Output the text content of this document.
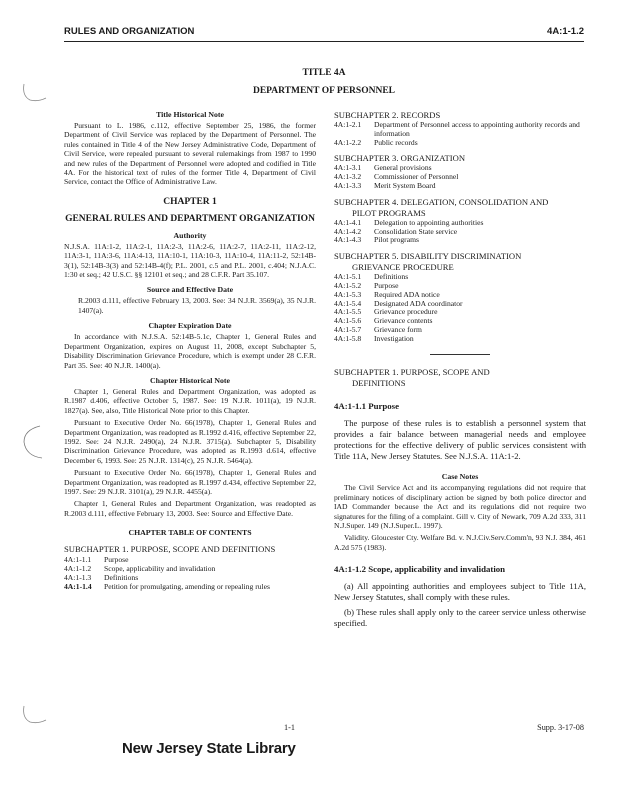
RULES AND ORGANIZATION	4A:1-1.2
TITLE 4A
DEPARTMENT OF PERSONNEL
Title Historical Note

Pursuant to L. 1986, c.112, effective September 25, 1986, the former Department of Civil Service was replaced by the Department of Personnel. The rules contained in Title 4 of the New Jersey Administrative Code, Department of Civil Service, were repealed pursuant to several rulemakings from 1987 to 1990 and new rules of the Department of Personnel were adopted and codified in Title 4A. For the historical text of rules of the former Title 4, Department of Civil Service, contact the Office of Administrative Law.

CHAPTER 1
GENERAL RULES AND DEPARTMENT ORGANIZATION
Authority

N.J.S.A. 11A:1-2, 11A:2-1, 11A:2-3, 11A:2-6, 11A:2-7, 11A:2-11, 11A:2-12, 11A:3-1, 11A:3-6, 11A:4-13, 11A:10-1, 11A:10-3, 11A:10-4, 11A:11-2, 52:14B-3(1), 52:14B-3(3) and 52:14B-4(f); P.L. 2001, c.5 and P.L. 2001, c.404; N.J.A.C. 1:30 et seq.; 42 U.S.C. §§ 12101 et seq.; and 28 C.F.R. Part 35.107.

Source and Effective Date

R.2003 d.111, effective February 13, 2003. See: 34 N.J.R. 3569(a), 35 N.J.R. 1407(a).

Chapter Expiration Date

In accordance with N.J.S.A. 52:14B-5.1c, Chapter 1, General Rules and Department Organization, expires on August 11, 2008, except Subchapter 5, Disability Discrimination Grievance Procedure, which is exempt under 28 C.F.R. Part 35. See: 40 N.J.R. 1400(a).

Chapter Historical Note

Chapter 1, General Rules and Department Organization, was adopted as R.1987 d.406, effective October 5, 1987. See: 19 N.J.R. 1011(a), 19 N.J.R. 1827(a). See, also, Title Historical Note prior to this Chapter.

Pursuant to Executive Order No. 66(1978), Chapter 1, General Rules and Department Organization, was readopted as R.1992 d.416, effective September 22, 1992. See: 24 N.J.R. 2490(a), 24 N.J.R. 3715(a). Subchapter 5, Disability Discrimination Grievance Procedure, was adopted as R.1993 d.614, effective December 6, 1993. See: 25 N.J.R. 1314(c), 25 N.J.R. 5464(a).

Pursuant to Executive Order No. 66(1978), Chapter 1, General Rules and Department Organization, was readopted as R.1997 d.434, effective September 22, 1997. See: 29 N.J.R. 3101(a), 29 N.J.R. 4455(a).

Chapter 1, General Rules and Department Organization, was readopted as R.2003 d.111, effective February 13, 2003. See: Source and Effective Date.

CHAPTER TABLE OF CONTENTS
SUBCHAPTER 1. PURPOSE, SCOPE AND DEFINITIONS
4A:1-1.1 Purpose
4A:1-1.2 Scope, applicability and invalidation
4A:1-1.3 Definitions
4A:1-1.4 Petition for promulgating, amending or repealing rules
SUBCHAPTER 2. RECORDS
4A:1-2.1 Department of Personnel access to appointing authority records and information
4A:1-2.2 Public records
SUBCHAPTER 3. ORGANIZATION
4A:1-3.1 General provisions
4A:1-3.2 Commissioner of Personnel
4A:1-3.3 Merit System Board
SUBCHAPTER 4. DELEGATION, CONSOLIDATION AND
PILOT PROGRAMS
4A:1-4.1 Delegation to appointing authorities
4A:1-4.2 Consolidation State service
4A:1-4.3 Pilot programs
SUBCHAPTER 5. DISABILITY DISCRIMINATION
GRIEVANCE PROCEDURE
4A:1-5.1 Definitions
4A:1-5.2 Purpose
4A:1-5.3 Required ADA notice
4A:1-5.4 Designated ADA coordinator
4A:1-5.5 Grievance procedure
4A:1-5.6 Grievance contents
4A:1-5.7 Grievance form
4A:1-5.8 Investigation
SUBCHAPTER 1. PURPOSE, SCOPE AND
DEFINITIONS
4A:1-1.1 Purpose

The purpose of these rules is to establish a personnel system that provides a fair balance between managerial needs and employee protections for the effective delivery of public services consistent with Title 11A, New Jersey Statutes. See N.J.S.A. 11A:1-2.

Case Notes

The Civil Service Act and its accompanying regulations did not require that preliminary notices of disciplinary action be signed by both police director and IAD Commander because the Act and its regulations did not require two signatures for the filing of a complaint. Gill v. City of Newark, 709 A.2d 333, 311 N.J.Super. 149 (N.J.Super.L. 1997).

Validity. Gloucester Cty. Welfare Bd. v. N.J.Civ.Serv.Comm'n, 93 N.J. 384, 461 A.2d 575 (1983).

4A:1-1.2 Scope, applicability and invalidation

(a) All appointing authorities and employees subject to Title 11A, New Jersey Statutes, shall comply with these rules.

(b) These rules shall apply only to the career service unless otherwise specified.

1-1	Supp. 3-17-08
New Jersey State Library
